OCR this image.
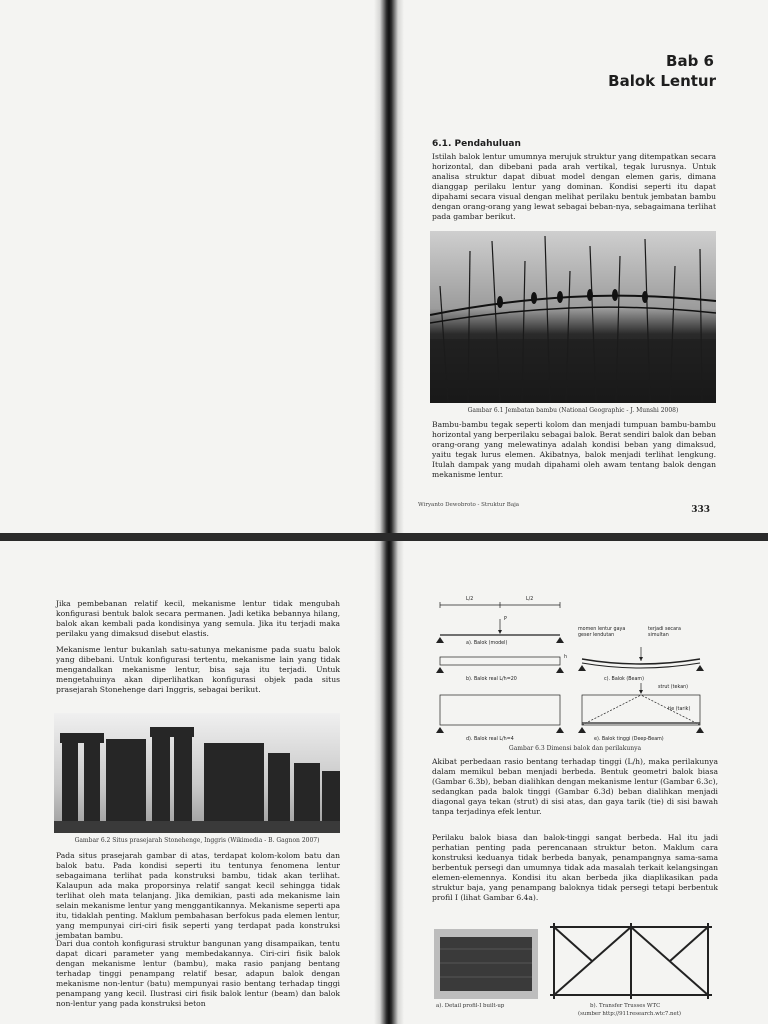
Bab 6
Balok Lentur
6.1. Pendahuluan

Istilah balok lentur umumnya merujuk struktur yang ditempatkan secara horizontal, dan dibebani pada arah vertikal, tegak lurusnya. Untuk analisa struktur dapat dibuat model dengan elemen garis, dimana dianggap perilaku lentur yang dominan. Kondisi seperti itu dapat dipahami secara visual dengan melihat perilaku bentuk jembatan bambu dengan orang-orang yang lewat sebagai beban-nya, sebagaimana terlihat pada gambar berikut.

Gambar 6.1 Jembatan bambu (National Geographic - J. Munshi 2008)

Bambu-bambu tegak seperti kolom dan menjadi tumpuan bambu-bambu horizontal yang berperilaku sebagai balok. Berat sendiri balok dan beban orang-orang yang melewatinya adalah kondisi beban yang dimaksud, yaitu tegak lurus elemen. Akibatnya, balok menjadi terlihat lengkung. Itulah dampak yang mudah dipahami oleh awam tentang balok dengan mekanisme lentur.

Wiryanto Dewobroto - Struktur Baja	333

Jika pembebanan relatif kecil, mekanisme lentur tidak mengubah konfigurasi bentuk balok secara permanen. Jadi ketika bebannya hilang, balok akan kembali pada kondisinya yang semula. Jika itu terjadi maka perilaku yang dimaksud disebut elastis.

Mekanisme lentur bukanlah satu-satunya mekanisme pada suatu balok yang dibebani. Untuk konfigurasi tertentu, mekanisme lain yang tidak mengandalkan mekanisme lentur, bisa saja itu terjadi. Untuk mengetahuinya akan diperlihatkan konfigurasi objek pada situs prasejarah Stonehenge dari Inggris, sebagai berikut.

Gambar 6.2 Situs prasejarah Stonehenge, Inggris (Wikimedia - B. Gagnon 2007)

Pada situs prasejarah gambar di atas, terdapat kolom-kolom batu dan balok batu. Pada kondisi seperti itu tentunya fenomena lentur sebagaimana terlihat pada konstruksi bambu, tidak akan terlihat. Kalaupun ada maka proporsinya relatif sangat kecil sehingga tidak terlihat oleh mata telanjang. Jika demikian, pasti ada mekanisme lain selain mekanisme lentur yang menggantikannya. Mekanisme seperti apa itu, tidaklah penting. Maklum pembahasan berfokus pada elemen lentur, yang mempunyai ciri-ciri fisik seperti yang terdapat pada konstruksi jembatan bambu.

Dari dua contoh konfigurasi struktur bangunan yang disampaikan, tentu dapat dicari parameter yang membedakannya. Ciri-ciri fisik balok dengan mekanisme lentur (bambu), maka rasio panjang bentang terhadap tinggi penampang relatif besar, adapun balok dengan mekanisme non-lentur (batu) mempunyai rasio bentang terhadap tinggi penampang yang kecil. Ilustrasi ciri fisik balok lentur (beam) dan balok non-lentur yang pada konstruksi beton

L/2	L/2
P
a). Balok (model)
h
b). Balok real L/h=20
momen lentur gaya geser lendutan
terjadi secara simultan
c). Balok (Beam)
strut (tekan)
tie (tarik)
d). Balok real L/h=4	e). Balok tinggi (Deep-Beam)
Gambar 6.3 Dimensi balok dan perilakunya

Akibat perbedaan rasio bentang terhadap tinggi (L/h), maka perilakunya dalam memikul beban menjadi berbeda. Bentuk geometri balok biasa (Gambar 6.3b), beban dialihkan dengan mekanisme lentur (Gambar 6.3c), sedangkan pada balok tinggi (Gambar 6.3d) beban dialihkan menjadi diagonal gaya tekan (strut) di sisi atas, dan gaya tarik (tie) di sisi bawah tanpa terjadinya efek lentur.

Perilaku balok biasa dan balok-tinggi sangat berbeda. Hal itu jadi perhatian penting pada perencanaan struktur beton. Maklum cara konstruksi keduanya tidak berbeda banyak, penampangnya sama-sama berbentuk persegi dan umumnya tidak ada masalah terkait kelangsingan elemen-elemennya. Kondisi itu akan berbeda jika diaplikasikan pada struktur baja, yang penampang baloknya tidak persegi tetapi berbentuk profil I (lihat Gambar 6.4a).

a). Detail profil-I built-up	b). Transfer Trusses WTC
(sumber http://911research.wtc7.net)
